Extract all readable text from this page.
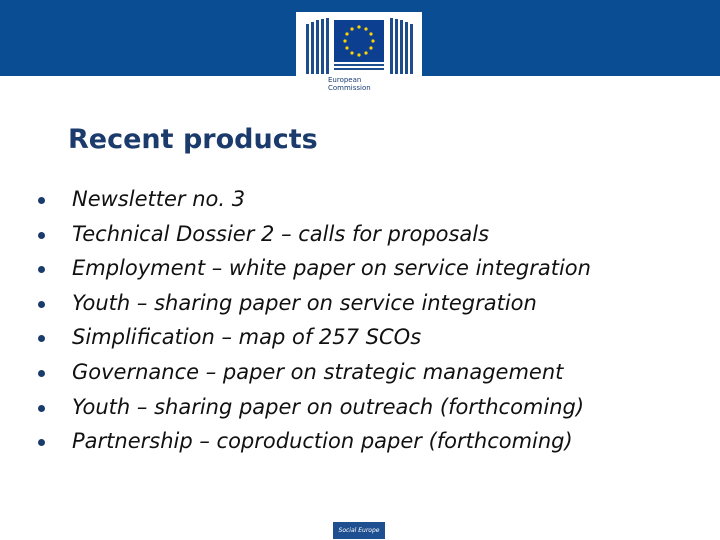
European
Commission
Recent products
Newsletter no. 3
Technical Dossier 2 – calls for proposals
Employment – white paper on service integration
Youth – sharing paper on service integration
Simplification – map of 257 SCOs
Governance – paper on strategic management
Youth – sharing paper on outreach (forthcoming)
Partnership – coproduction paper (forthcoming)
Social Europe
